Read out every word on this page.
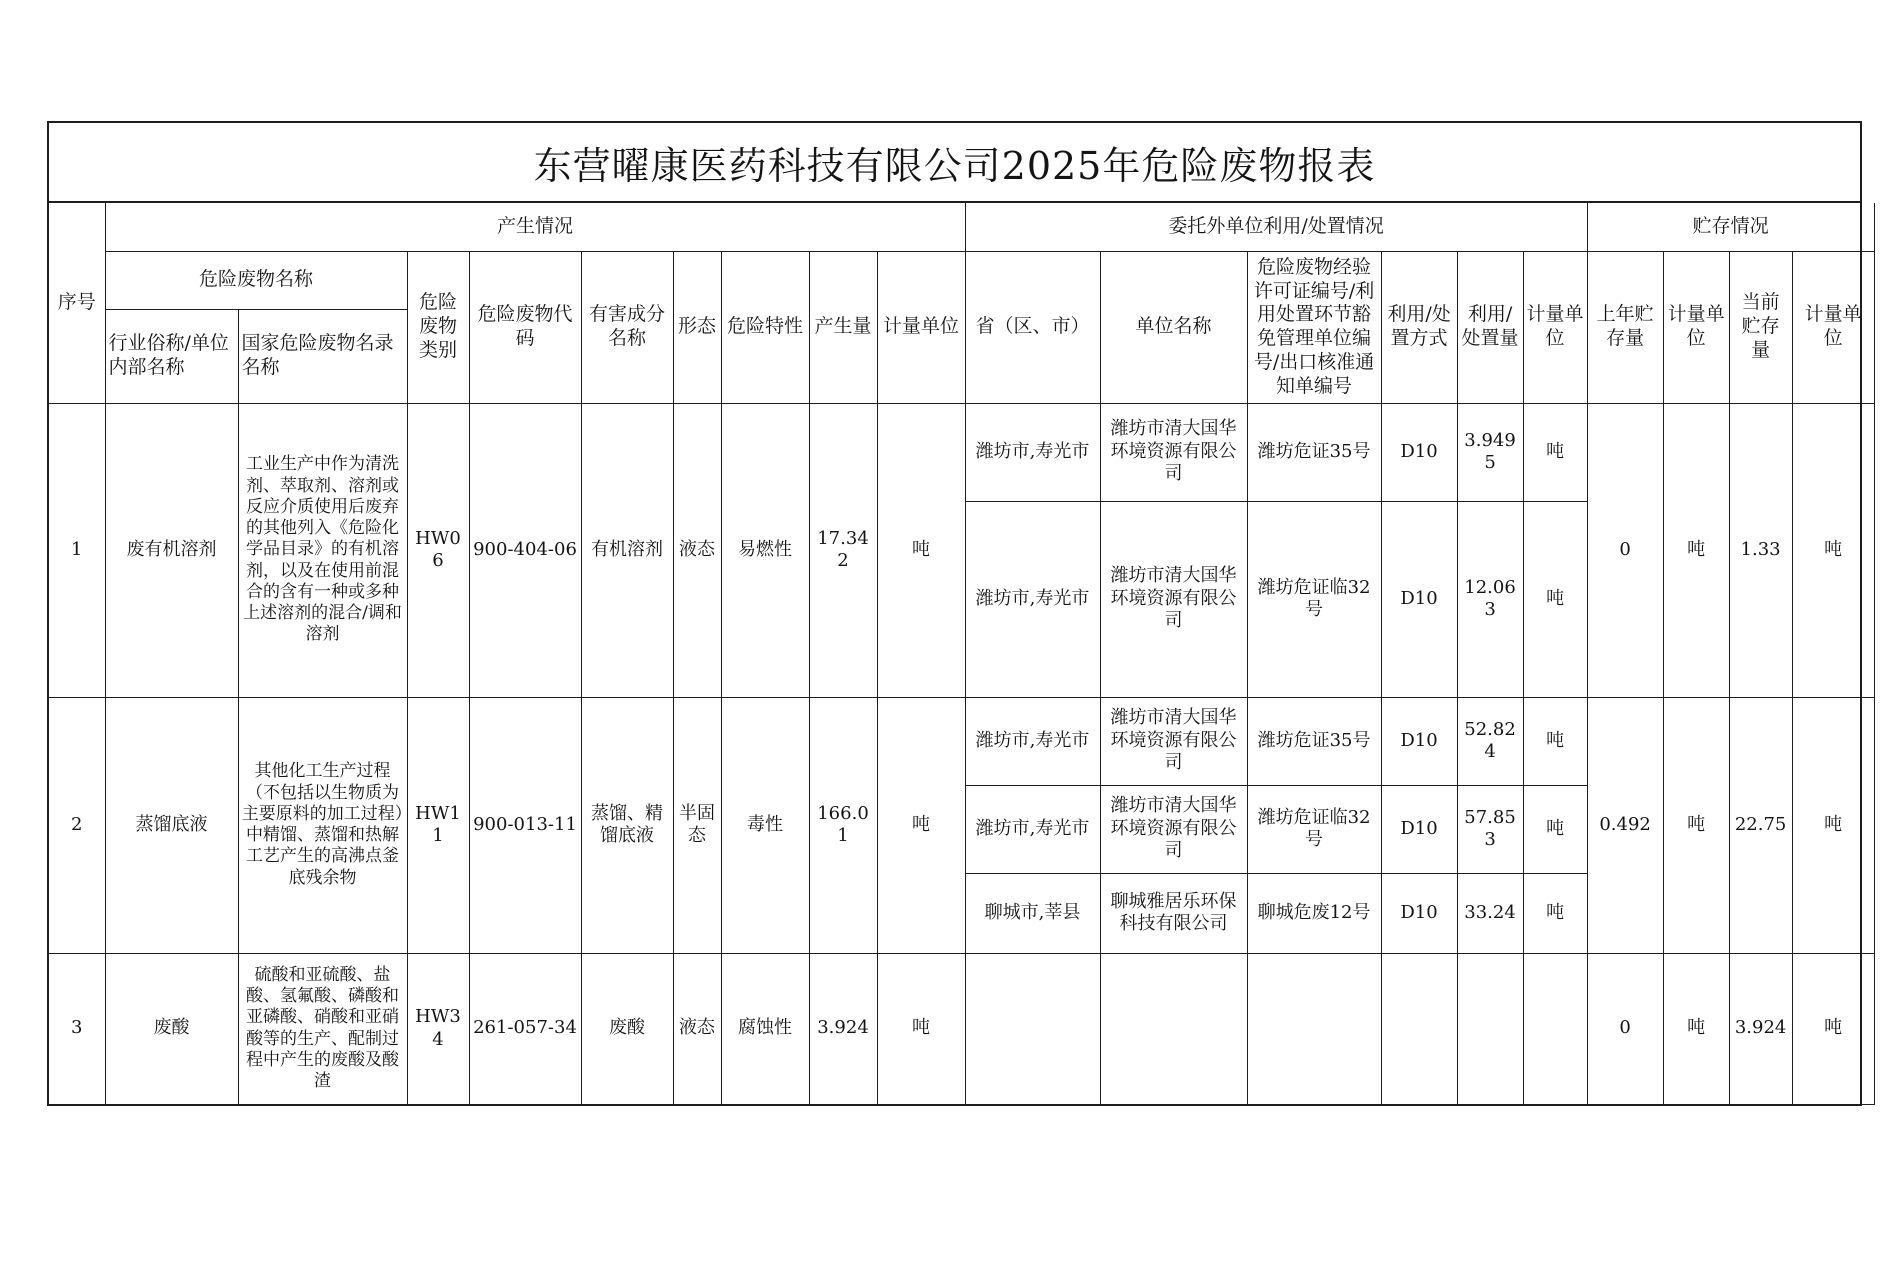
东营曜康医药科技有限公司2025年危险废物报表
序号	产生情况									委托外单位利用/处置情况						贮存情况			
	危险废物名称		危险废物类别	危险废物代码	有害成分名称	形态	危险特性	产生量	计量单位	省（区、市）	单位名称	危险废物经验许可证编号/利用处置环节豁免管理单位编号/出口核准通知单编号	利用/处置方式	利用/处置量	计量单位	上年贮存量	计量单位	当前贮存量	计量单位
	行业俗称/单位内部名称	国家危险废物名录名称																	
1	废有机溶剂	工业生产中作为清洗剂、萃取剂、溶剂或反应介质使用后废弃的其他列入《危险化学品目录》的有机溶剂，以及在使用前混合的含有一种或多种上述溶剂的混合/调和溶剂	HW06	900-404-06	有机溶剂	液态	易燃性	17.342	吨	潍坊市,寿光市	潍坊市清大国华环境资源有限公司	潍坊危证35号	D10	3.9495	吨	0	吨	1.33	吨
										潍坊市,寿光市	潍坊市清大国华环境资源有限公司	潍坊危证临32号	D10	12.063	吨				
2	蒸馏底液	其他化工生产过程（不包括以生物质为主要原料的加工过程）中精馏、蒸馏和热解工艺产生的高沸点釜底残余物	HW11	900-013-11	蒸馏、精馏底液	半固态	毒性	166.01	吨	潍坊市,寿光市	潍坊市清大国华环境资源有限公司	潍坊危证35号	D10	52.824	吨	0.492	吨	22.75	吨
										潍坊市,寿光市	潍坊市清大国华环境资源有限公司	潍坊危证临32号	D10	57.853	吨				
										聊城市,莘县	聊城雅居乐环保科技有限公司	聊城危废12号	D10	33.24	吨				
3	废酸	硫酸和亚硫酸、盐酸、氢氟酸、磷酸和亚磷酸、硝酸和亚硝酸等的生产、配制过程中产生的废酸及酸渣	HW34	261-057-34	废酸	液态	腐蚀性	3.924	吨							0	吨	3.924	吨
